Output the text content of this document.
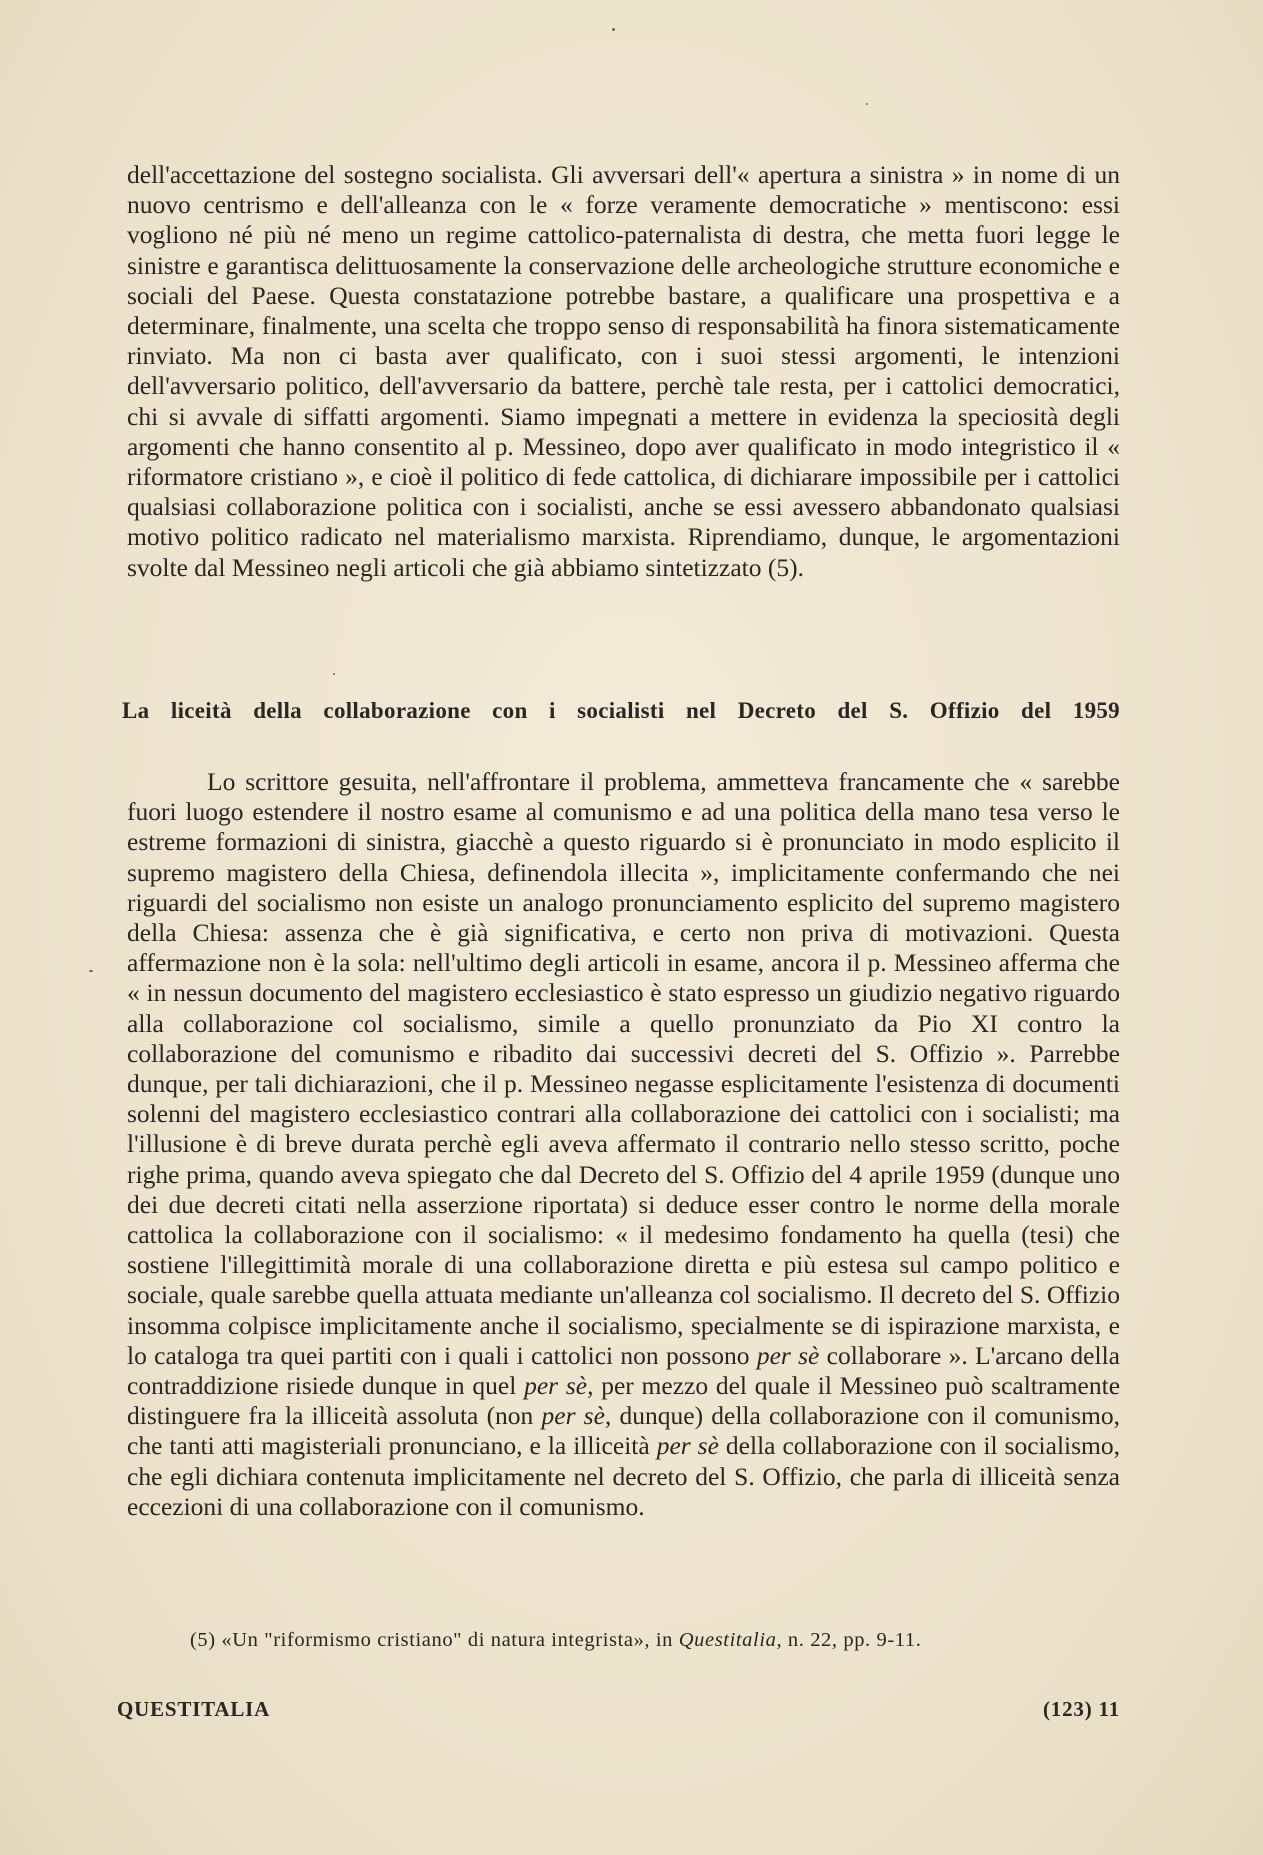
dell'accettazione del sostegno socialista. Gli avversari dell'« apertura a sinistra » in nome di un nuovo centrismo e dell'alleanza con le « forze veramente democratiche » mentiscono: essi vogliono né più né meno un regime cattolico-paternalista di destra, che metta fuori legge le sinistre e garantisca delittuosamente la conservazione delle archeologiche strutture economiche e sociali del Paese. Questa constatazione potrebbe bastare, a qualificare una prospettiva e a determinare, finalmente, una scelta che troppo senso di responsabilità ha finora sistematicamente rinviato. Ma non ci basta aver qualificato, con i suoi stessi argomenti, le intenzioni dell'avversario politico, dell'avversario da battere, perchè tale resta, per i cattolici democratici, chi si avvale di siffatti argomenti. Siamo impegnati a mettere in evidenza la speciosità degli argomenti che hanno consentito al p. Messineo, dopo aver qualificato in modo integristico il « riformatore cristiano », e cioè il politico di fede cattolica, di dichiarare impossibile per i cattolici qualsiasi collaborazione politica con i socialisti, anche se essi avessero abbandonato qualsiasi motivo politico radicato nel materialismo marxista. Riprendiamo, dunque, le argomentazioni svolte dal Messineo negli articoli che già abbiamo sintetizzato (5).

La liceità della collaborazione con i socialisti nel Decreto del S. Offizio del 1959

Lo scrittore gesuita, nell'affrontare il problema, ammetteva francamente che « sarebbe fuori luogo estendere il nostro esame al comunismo e ad una politica della mano tesa verso le estreme formazioni di sinistra, giacchè a questo riguardo si è pronunciato in modo esplicito il supremo magistero della Chiesa, definendola illecita », implicitamente confermando che nei riguardi del socialismo non esiste un analogo pronunciamento esplicito del supremo magistero della Chiesa: assenza che è già significativa, e certo non priva di motivazioni. Questa affermazione non è la sola: nell'ultimo degli articoli in esame, ancora il p. Messineo afferma che « in nessun documento del magistero ecclesiastico è stato espresso un giudizio negativo riguardo alla collaborazione col socialismo, simile a quello pronunziato da Pio XI contro la collaborazione del comunismo e ribadito dai successivi decreti del S. Offizio ». Parrebbe dunque, per tali dichiarazioni, che il p. Messineo negasse esplicitamente l'esistenza di documenti solenni del magistero ecclesiastico contrari alla collaborazione dei cattolici con i socialisti; ma l'illusione è di breve durata perchè egli aveva affermato il contrario nello stesso scritto, poche righe prima, quando aveva spiegato che dal Decreto del S. Offizio del 4 aprile 1959 (dunque uno dei due decreti citati nella asserzione riportata) si deduce esser contro le norme della morale cattolica la collaborazione con il socialismo: « il medesimo fondamento ha quella (tesi) che sostiene l'illegittimità morale di una collaborazione diretta e più estesa sul campo politico e sociale, quale sarebbe quella attuata mediante un'alleanza col socialismo. Il decreto del S. Offizio insomma colpisce implicitamente anche il socialismo, specialmente se di ispirazione marxista, e lo cataloga tra quei partiti con i quali i cattolici non possono per sè collaborare ». L'arcano della contraddizione risiede dunque in quel per sè, per mezzo del quale il Messineo può scaltramente distinguere fra la illiceità assoluta (non per sè, dunque) della collaborazione con il comunismo, che tanti atti magisteriali pronunciano, e la illiceità per sè della collaborazione con il socialismo, che egli dichiara contenuta implicitamente nel decreto del S. Offizio, che parla di illiceità senza eccezioni di una collaborazione con il comunismo.

(5) «Un "riformismo cristiano" di natura integrista», in Questitalia, n. 22, pp. 9-11.

QUESTITALIA	(123) 11
